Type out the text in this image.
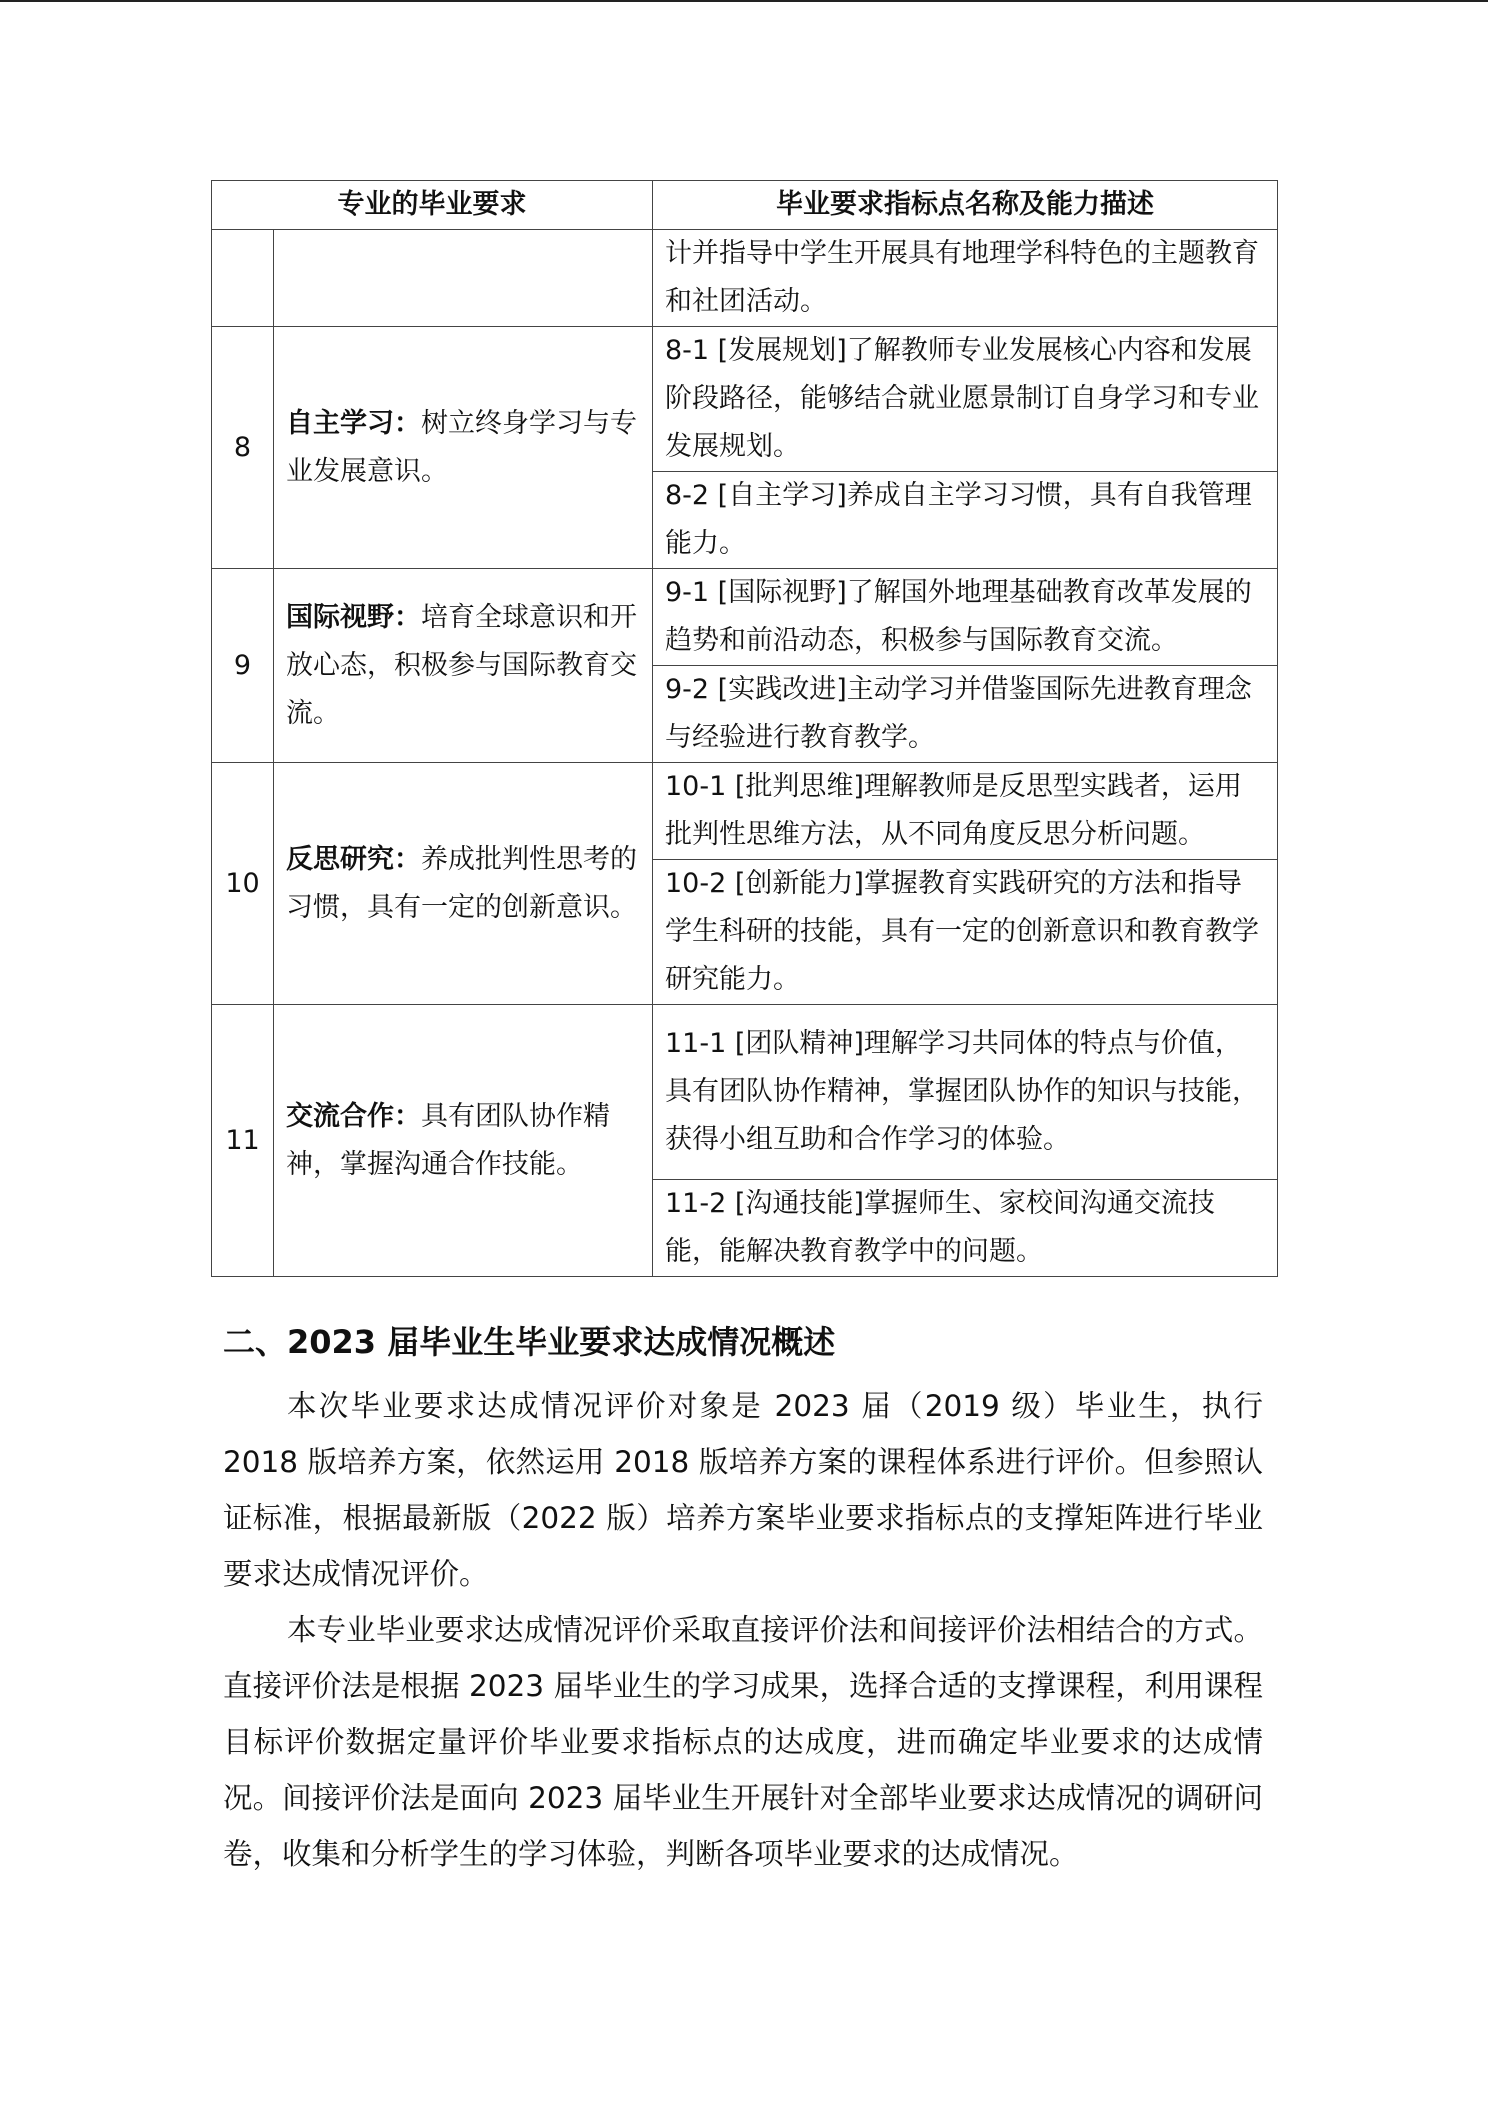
专业的毕业要求		毕业要求指标点名称及能力描述
		计并指导中学生开展具有地理学科特色的主题教育和社团活动。
8	自主学习：树立终身学习与专业发展意识。	8-1 [发展规划]了解教师专业发展核心内容和发展阶段路径，能够结合就业愿景制订自身学习和专业发展规划。
		8-2 [自主学习]养成自主学习习惯，具有自我管理能力。
9	国际视野：培育全球意识和开放心态，积极参与国际教育交流。	9-1 [国际视野]了解国外地理基础教育改革发展的趋势和前沿动态，积极参与国际教育交流。
		9-2 [实践改进]主动学习并借鉴国际先进教育理念与经验进行教育教学。
10	反思研究：养成批判性思考的习惯，具有一定的创新意识。	10-1 [批判思维]理解教师是反思型实践者，运用批判性思维方法，从不同角度反思分析问题。
		10-2 [创新能力]掌握教育实践研究的方法和指导学生科研的技能，具有一定的创新意识和教育教学研究能力。
11	交流合作：具有团队协作精神，掌握沟通合作技能。	11-1 [团队精神]理解学习共同体的特点与价值，具有团队协作精神，掌握团队协作的知识与技能，获得小组互助和合作学习的体验。
		11-2 [沟通技能]掌握师生、家校间沟通交流技能，能解决教育教学中的问题。
二、2023 届毕业生毕业要求达成情况概述

本次毕业要求达成情况评价对象是 2023 届（2019 级）毕业生，执行 2018 版培养方案，依然运用 2018 版培养方案的课程体系进行评价。但参照认证标准，根据最新版（2022 版）培养方案毕业要求指标点的支撑矩阵进行毕业要求达成情况评价。

本专业毕业要求达成情况评价采取直接评价法和间接评价法相结合的方式。直接评价法是根据 2023 届毕业生的学习成果，选择合适的支撑课程，利用课程目标评价数据定量评价毕业要求指标点的达成度，进而确定毕业要求的达成情况。间接评价法是面向 2023 届毕业生开展针对全部毕业要求达成情况的调研问卷，收集和分析学生的学习体验，判断各项毕业要求的达成情况。
